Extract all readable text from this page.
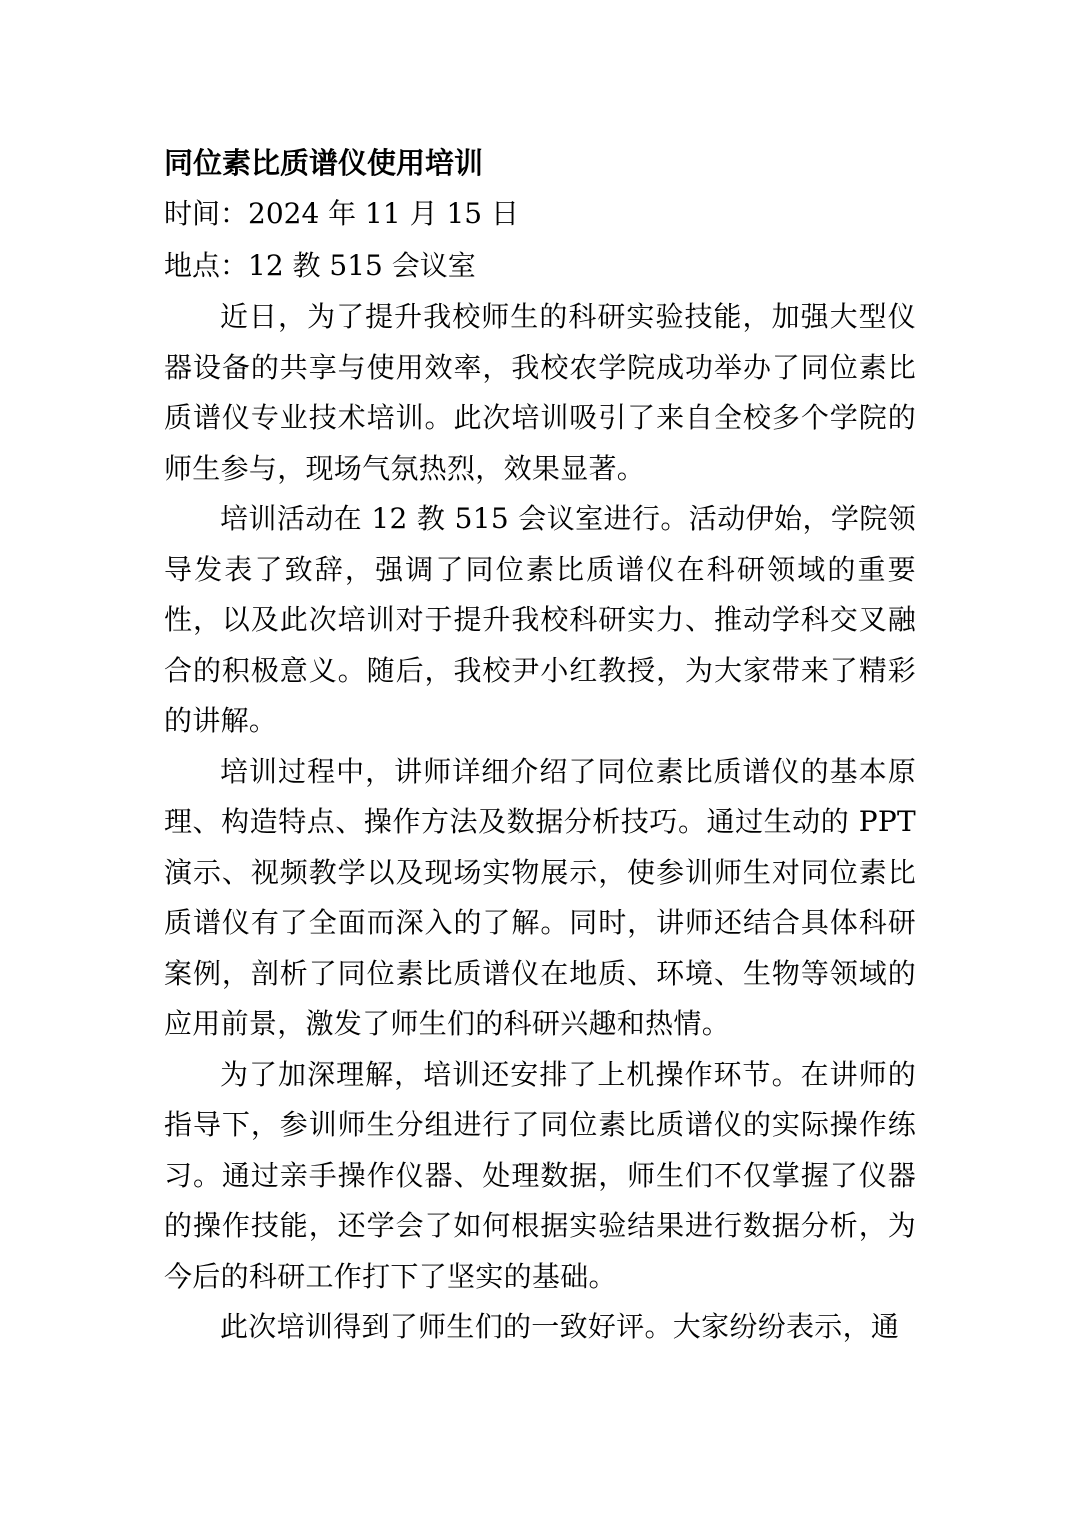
同位素比质谱仪使用培训

时间：2024 年 11 月 15 日

地点：12 教 515 会议室

近日，为了提升我校师生的科研实验技能，加强大型仪器设备的共享与使用效率，我校农学院成功举办了同位素比质谱仪专业技术培训。此次培训吸引了来自全校多个学院的师生参与，现场气氛热烈，效果显著。

培训活动在 12 教 515 会议室进行。活动伊始，学院领导发表了致辞，强调了同位素比质谱仪在科研领域的重要性，以及此次培训对于提升我校科研实力、推动学科交叉融合的积极意义。随后，我校尹小红教授，为大家带来了精彩的讲解。

培训过程中，讲师详细介绍了同位素比质谱仪的基本原理、构造特点、操作方法及数据分析技巧。通过生动的 PPT 演示、视频教学以及现场实物展示，使参训师生对同位素比质谱仪有了全面而深入的了解。同时，讲师还结合具体科研案例，剖析了同位素比质谱仪在地质、环境、生物等领域的应用前景，激发了师生们的科研兴趣和热情。

为了加深理解，培训还安排了上机操作环节。在讲师的指导下，参训师生分组进行了同位素比质谱仪的实际操作练习。通过亲手操作仪器、处理数据，师生们不仅掌握了仪器的操作技能，还学会了如何根据实验结果进行数据分析，为今后的科研工作打下了坚实的基础。

此次培训得到了师生们的一致好评。大家纷纷表示，通
